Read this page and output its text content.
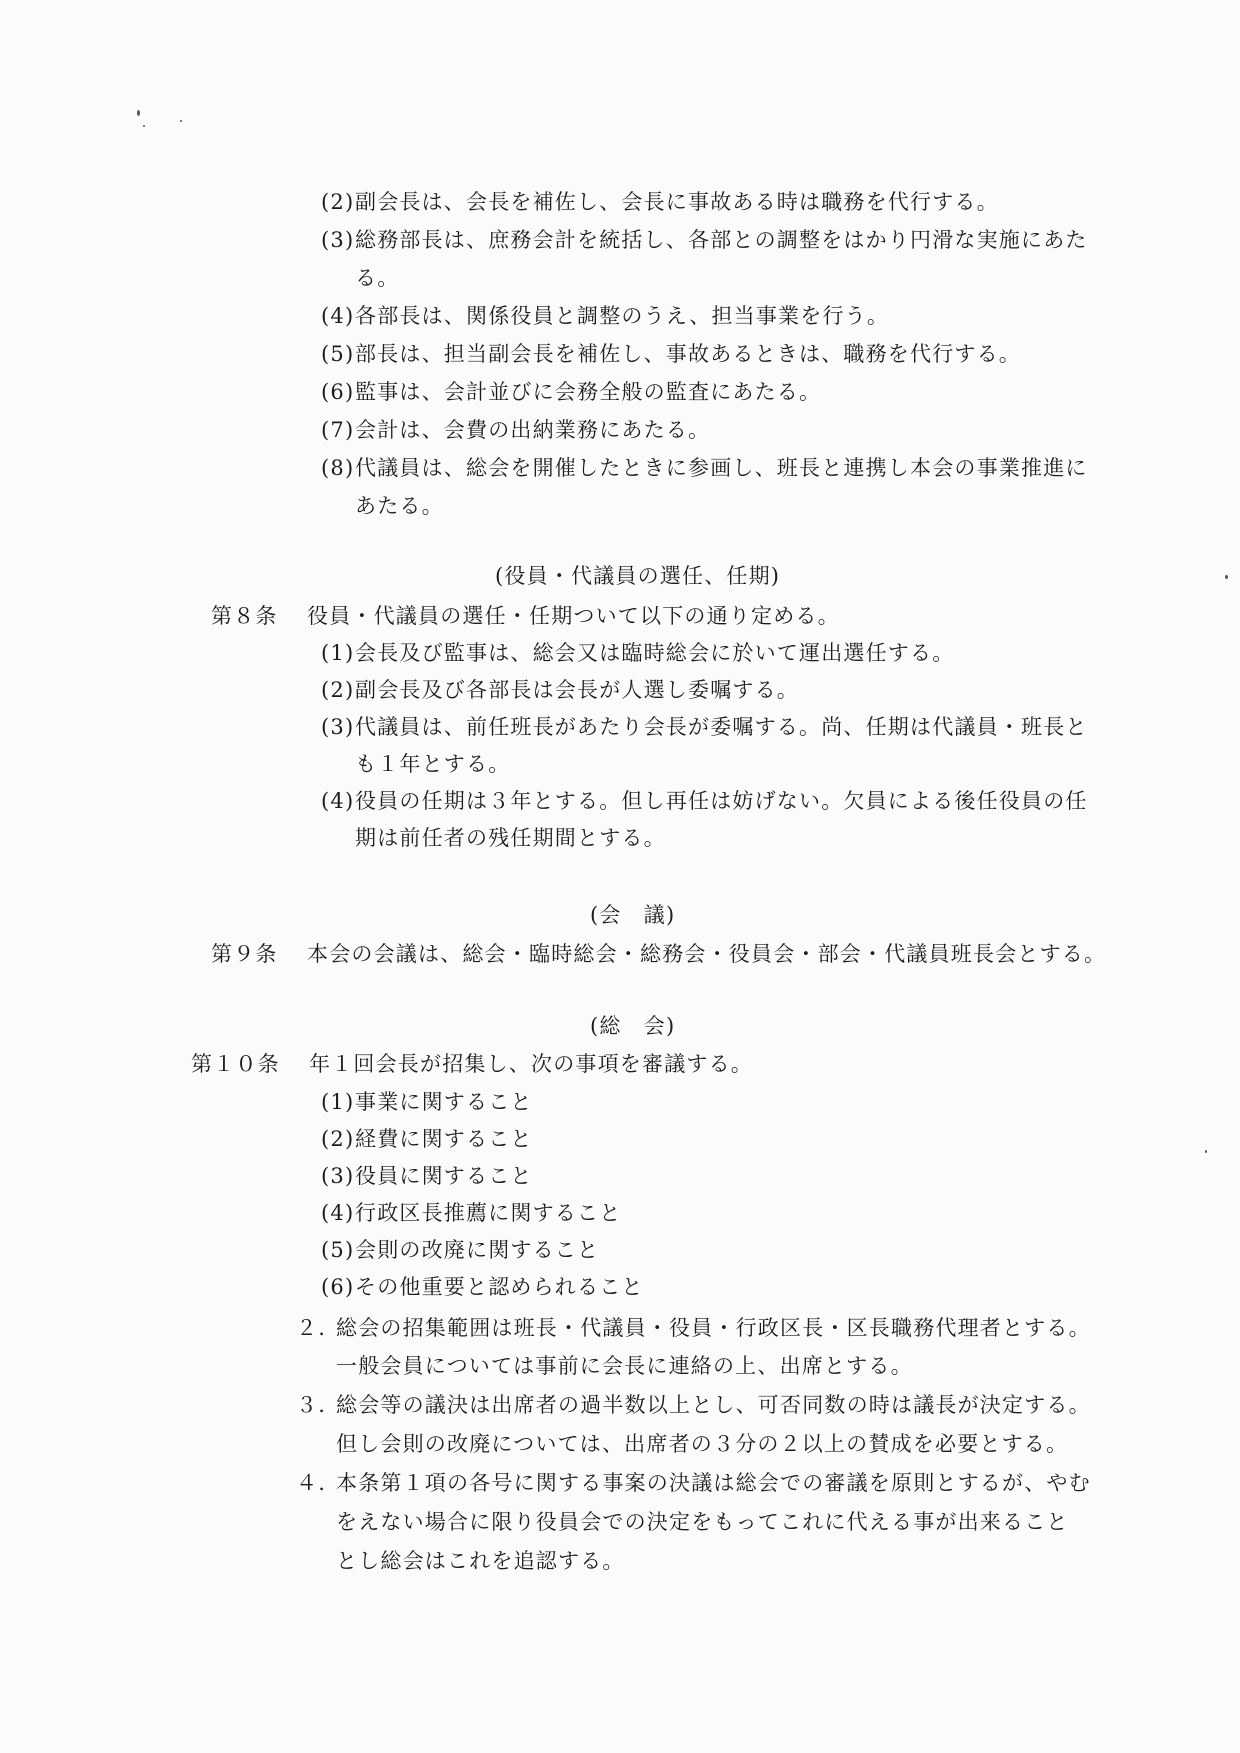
(2)副会長は、会長を補佐し、会長に事故ある時は職務を代行する。
(3)総務部長は、庶務会計を統括し、各部との調整をはかり円滑な実施にあた
る。
(4)各部長は、関係役員と調整のうえ、担当事業を行う。
(5)部長は、担当副会長を補佐し、事故あるときは、職務を代行する。
(6)監事は、会計並びに会務全般の監査にあたる。
(7)会計は、会費の出納業務にあたる。
(8)代議員は、総会を開催したときに参画し、班長と連携し本会の事業推進に
あたる。
(役員・代議員の選任、任期)
第８条 役員・代議員の選任・任期ついて以下の通り定める。
(1)会長及び監事は、総会又は臨時総会に於いて運出選任する。
(2)副会長及び各部長は会長が人選し委嘱する。
(3)代議員は、前任班長があたり会長が委嘱する。尚、任期は代議員・班長と
も１年とする。
(4)役員の任期は３年とする。但し再任は妨げない。欠員による後任役員の任
期は前任者の残任期間とする。
(会　議)
第９条 本会の会議は、総会・臨時総会・総務会・役員会・部会・代議員班長会とする。
(総　会)
第１０条 年１回会長が招集し、次の事項を審議する。
(1)事業に関すること
(2)経費に関すること
(3)役員に関すること
(4)行政区長推薦に関すること
(5)会則の改廃に関すること
(6)その他重要と認められること
２. 総会の招集範囲は班長・代議員・役員・行政区長・区長職務代理者とする。
一般会員については事前に会長に連絡の上、出席とする。
３. 総会等の議決は出席者の過半数以上とし、可否同数の時は議長が決定する。
但し会則の改廃については、出席者の３分の２以上の賛成を必要とする。
４. 本条第１項の各号に関する事案の決議は総会での審議を原則とするが、やむ
をえない場合に限り役員会での決定をもってこれに代える事が出来ること
とし総会はこれを追認する。
